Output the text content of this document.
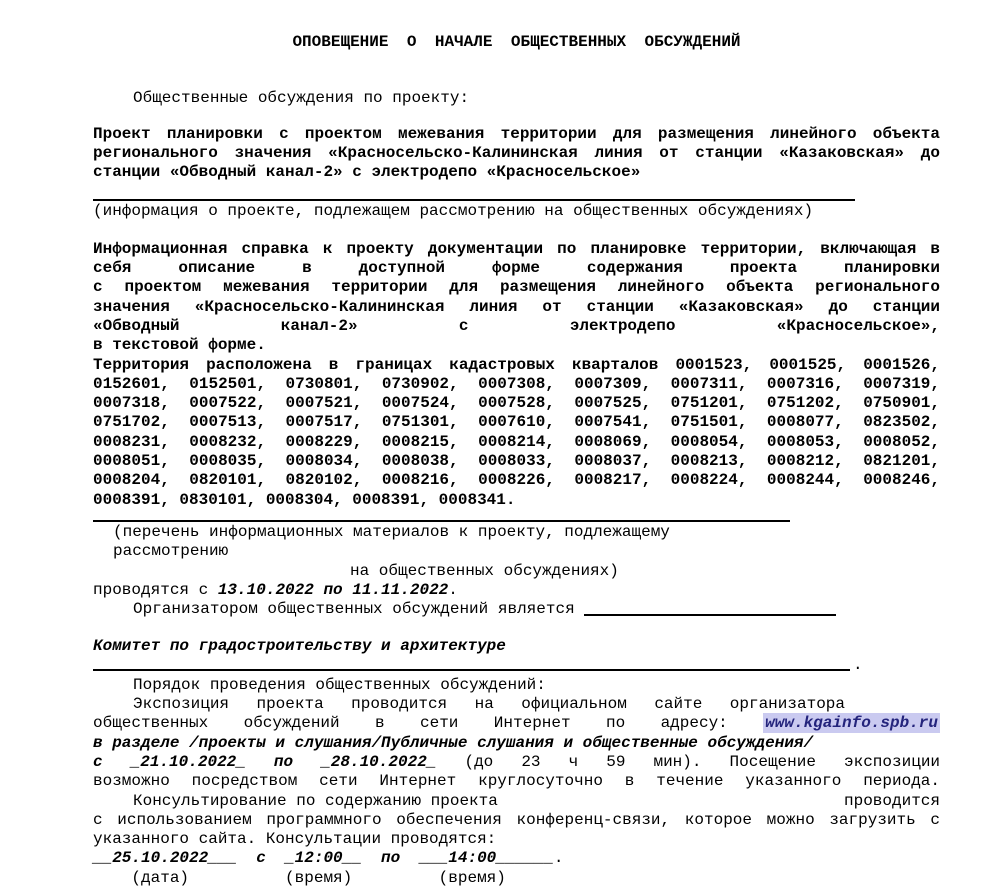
ОПОВЕЩЕНИЕ О НАЧАЛЕ ОБЩЕСТВЕННЫХ ОБСУЖДЕНИЙ
Общественные обсуждения по проекту:
Проект планировки с проектом межевания территории для размещения линейного объекта
регионального значения «Красносельско-Калининская линия от станции «Казаковская» до
станции «Обводный канал-2» с электродепо «Красносельское»
(информация о проекте, подлежащем рассмотрению на общественных обсуждениях)
Информационная справка к проекту документации по планировке территории, включающая в
себя описание в доступной форме содержания проекта планировки
с проектом межевания территории для размещения линейного объекта регионального
значения «Красносельско-Калининская линия от станции «Казаковская» до станции
«Обводный канал-2» с электродепо «Красносельское»,
в текстовой форме.
Территория расположена в границах кадастровых кварталов 0001523, 0001525, 0001526,
0152601, 0152501, 0730801, 0730902, 0007308, 0007309, 0007311, 0007316, 0007319,
0007318, 0007522, 0007521, 0007524, 0007528, 0007525, 0751201, 0751202, 0750901,
0751702, 0007513, 0007517, 0751301, 0007610, 0007541, 0751501, 0008077, 0823502,
0008231, 0008232, 0008229, 0008215, 0008214, 0008069, 0008054, 0008053, 0008052,
0008051, 0008035, 0008034, 0008038, 0008033, 0008037, 0008213, 0008212, 0821201,
0008204, 0820101, 0820102, 0008216, 0008226, 0008217, 0008224, 0008244, 0008246,
0008391, 0830101, 0008304, 0008391, 0008341.
(перечень информационных материалов к проекту, подлежащему рассмотрению
на общественных обсуждениях)
проводятся с 13.10.2022 по 11.11.2022.
Организатором общественных обсуждений является
Комитет по градостроительству и архитектуре
.
Порядок проведения общественных обсуждений:
Экспозиция проекта проводится на официальном сайте организатора
общественных обсуждений в сети Интернет по адресу: www.kgainfo.spb.ru
в разделе /проекты и слушания/Публичные слушания и общественные обсуждения/
с _21.10.2022_ по _28.10.2022_ (до 23 ч 59 мин). Посещение экспозиции
возможно посредством сети Интернет круглосуточно в течение указанного периода.
Консультирование по содержанию проекта	проводится
с использованием программного обеспечения конференц-связи, которое можно загрузить с
указанного сайта. Консультации проводятся:
__25.10.2022___  с  _12:00__  по  ___14:00______.
(дата)          (время)         (время)
